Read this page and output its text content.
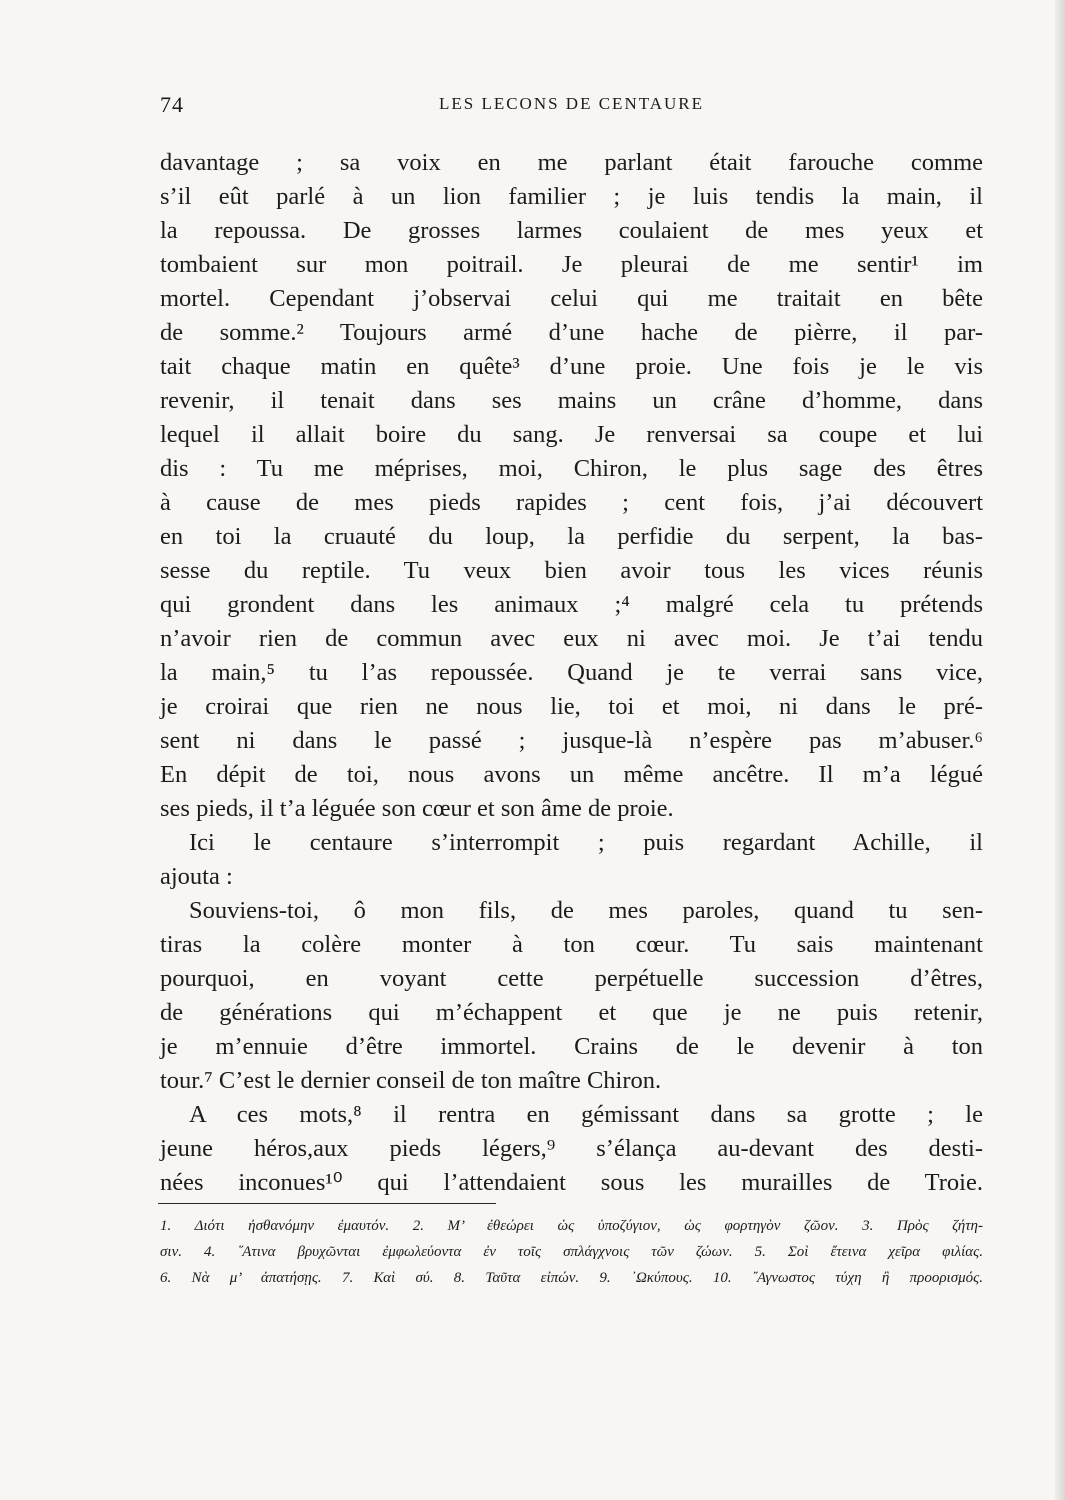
74	LES LECONS DE CENTAURE
davantage ; sa voix en me parlant était farouche comme
s’il eût parlé à un lion familier ; je luis tendis la main, il
la repoussa. De grosses larmes coulaient de mes yeux et
tombaient sur mon poitrail. Je pleurai de me sentir¹ im
mortel. Cependant j’observai celui qui me traitait en bête
de somme.² Toujours armé d’une hache de pièrre, il par-
tait chaque matin en quête³ d’une proie. Une fois je le vis
revenir, il tenait dans ses mains un crâne d’homme, dans
lequel il allait boire du sang. Je renversai sa coupe et lui
dis : Tu me méprises, moi, Chiron, le plus sage des êtres
à cause de mes pieds rapides ; cent fois, j’ai découvert
en toi la cruauté du loup, la perfidie du serpent, la bas-
sesse du reptile. Tu veux bien avoir tous les vices réunis
qui grondent dans les animaux ;⁴ malgré cela tu prétends
n’avoir rien de commun avec eux ni avec moi. Je t’ai tendu
la main,⁵ tu l’as repoussée. Quand je te verrai sans vice,
je croirai que rien ne nous lie, toi et moi, ni dans le pré-
sent ni dans le passé ; jusque-là n’espère pas m’abuser.⁶
En dépit de toi, nous avons un même ancêtre. Il m’a légué
ses pieds, il t’a léguée son cœur et son âme de proie.
Ici le centaure s’interrompit ; puis regardant Achille, il
ajouta :
Souviens-toi, ô mon fils, de mes paroles, quand tu sen-
tiras la colère monter à ton cœur. Tu sais maintenant
pourquoi, en voyant cette perpétuelle succession d’êtres,
de générations qui m’échappent et que je ne puis retenir,
je m’ennuie d’être immortel. Crains de le devenir à ton
tour.⁷ C’est le dernier conseil de ton maître Chiron.
A ces mots,⁸ il rentra en gémissant dans sa grotte ; le
jeune héros,aux pieds légers,⁹ s’élança au-devant des desti-
nées inconues¹⁰ qui l’attendaient sous les murailles de Troie.
1. Διότι ἠσθανόμην ἐμαυτόν. 2. Μ’ ἐθεώρει ὡς ὑποζύγιον, ὡς φορτηγὸν ζῶον. 3. Πρὸς ζήτη-
σιν. 4. ῞Ατινα βρυχῶνται ἐμφωλεύοντα ἐν τοῖς σπλάγχνοις τῶν ζώων. 5. Σοὶ ἔτεινα χεῖρα φιλίας.
6. Νὰ μ’ ἀπατήσῃς. 7. Καὶ σύ. 8. Ταῦτα εἰπών. 9. ᾿Ωκύπους. 10. ῎Αγνωστος τύχη ἢ προορισμός.
